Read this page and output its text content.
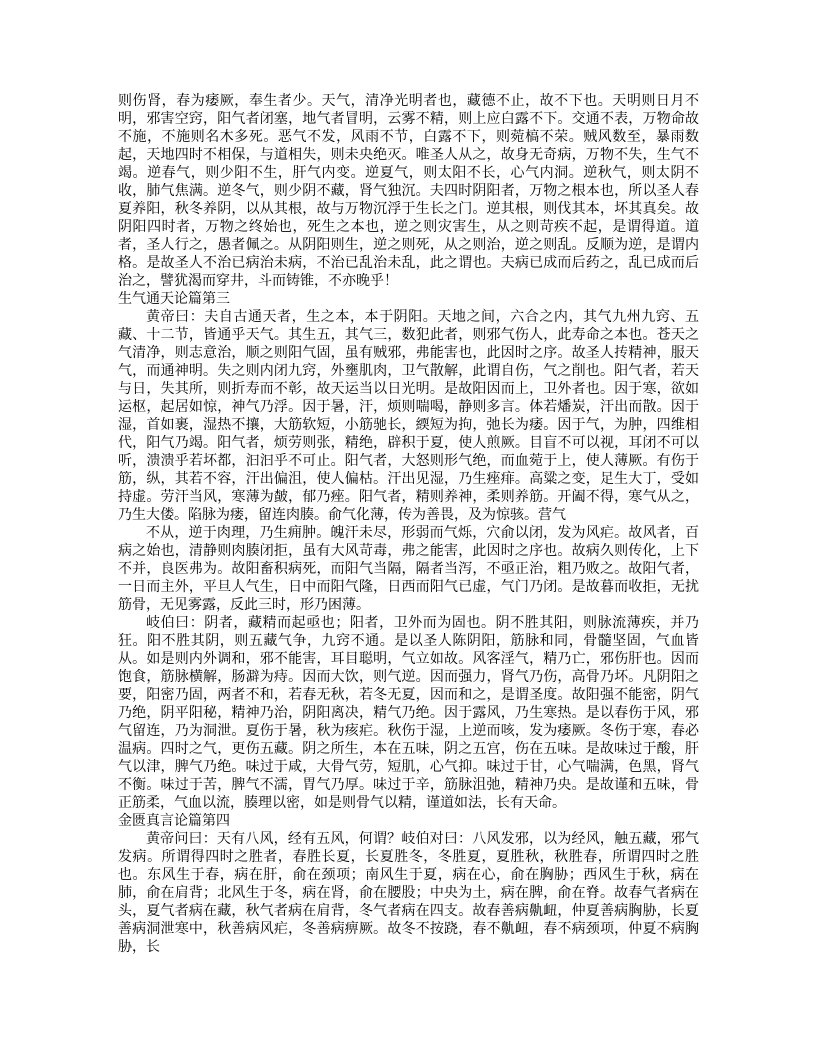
则伤肾，春为痿厥，奉生者少。天气，清净光明者也，藏德不止，故不下也。天明则日月不明，邪害空窍，阳气者闭塞，地气者冒明，云雾不精，则上应白露不下。交通不表，万物命故不施，不施则名木多死。恶气不发，风雨不节，白露不下，则菀槁不荣。贼风数至，暴雨数起，天地四时不相保，与道相失，则未央绝灭。唯圣人从之，故身无奇病，万物不失，生气不竭。逆春气，则少阳不生，肝气内变。逆夏气，则太阳不长，心气内洞。逆秋气，则太阴不收，肺气焦满。逆冬气，则少阴不藏，肾气独沉。夫四时阴阳者，万物之根本也，所以圣人春夏养阳，秋冬养阴，以从其根，故与万物沉浮于生长之门。逆其根，则伐其本，坏其真矣。故阴阳四时者，万物之终始也，死生之本也，逆之则灾害生，从之则苛疾不起，是谓得道。道者，圣人行之，愚者佩之。从阴阳则生，逆之则死，从之则治，逆之则乱。反顺为逆，是谓内格。是故圣人不治已病治未病，不治已乱治未乱，此之谓也。夫病已成而后药之，乱已成而后治之，譬犹渴而穿井，斗而铸锥，不亦晚乎！

生气通天论篇第三

黄帝曰：夫自古通天者，生之本，本于阴阳。天地之间，六合之内，其气九州九窍、五藏、十二节，皆通乎天气。其生五，其气三，数犯此者，则邪气伤人，此寿命之本也。苍天之气清净，则志意治，顺之则阳气固，虽有贼邪，弗能害也，此因时之序。故圣人抟精神，服天气，而通神明。失之则内闭九窍，外壅肌肉，卫气散解，此谓自伤，气之削也。阳气者，若天与日，失其所，则折寿而不彰，故天运当以日光明。是故阳因而上，卫外者也。因于寒，欲如运枢，起居如惊，神气乃浮。因于暑，汗，烦则喘喝，静则多言。体若燔炭，汗出而散。因于湿，首如裹，湿热不攘，大筋软短，小筋驰长，緛短为拘，弛长为痿。因于气，为肿，四维相代，阳气乃竭。阳气者，烦劳则张，精绝，辟积于夏，使人煎厥。目盲不可以视，耳闭不可以听，溃溃乎若坏都，汩汩乎不可止。阳气者，大怒则形气绝，而血菀于上，使人薄厥。有伤于筋，纵，其若不容，汗出偏沮，使人偏枯。汗出见湿，乃生痤痱。高粱之变，足生大丁，受如持虚。劳汗当风，寒薄为皶，郁乃痤。阳气者，精则养神，柔则养筋。开阖不得，寒气从之，乃生大偻。陷脉为瘘，留连肉腠。俞气化薄，传为善畏，及为惊骇。营气

不从，逆于肉理，乃生痈肿。魄汗未尽，形弱而气烁，穴俞以闭，发为风疟。故风者，百病之始也，清静则肉腠闭拒，虽有大风苛毒，弗之能害，此因时之序也。故病久则传化，上下不并，良医弗为。故阳畜积病死，而阳气当隔，隔者当泻，不亟正治，粗乃败之。故阳气者，一日而主外，平旦人气生，日中而阳气隆，日西而阳气已虚，气门乃闭。是故暮而收拒，无扰筋骨，无见雾露，反此三时，形乃困薄。

岐伯曰：阴者，藏精而起亟也；阳者，卫外而为固也。阴不胜其阳，则脉流薄疾，并乃狂。阳不胜其阴，则五藏气争，九窍不通。是以圣人陈阴阳，筋脉和同，骨髓坚固，气血皆从。如是则内外调和，邪不能害，耳目聪明，气立如故。风客淫气，精乃亡，邪伤肝也。因而饱食，筋脉横解，肠澼为痔。因而大饮，则气逆。因而强力，肾气乃伤，高骨乃坏。凡阴阳之要，阳密乃固，两者不和，若春无秋，若冬无夏，因而和之，是谓圣度。故阳强不能密，阴气乃绝，阴平阳秘，精神乃治，阴阳离决，精气乃绝。因于露风，乃生寒热。是以春伤于风，邪气留连，乃为洞泄。夏伤于暑，秋为痎疟。秋伤于湿，上逆而咳，发为痿厥。冬伤于寒，春必温病。四时之气，更伤五藏。阴之所生，本在五味，阴之五宫，伤在五味。是故味过于酸，肝气以津，脾气乃绝。味过于咸，大骨气劳，短肌，心气抑。味过于甘，心气喘满，色黑，肾气不衡。味过于苦，脾气不濡，胃气乃厚。味过于辛，筋脉沮弛，精神乃央。是故谨和五味，骨正筋柔，气血以流，腠理以密，如是则骨气以精，谨道如法，长有天命。

金匮真言论篇第四

黄帝问曰：天有八风，经有五风，何谓？岐伯对曰：八风发邪，以为经风，触五藏，邪气发病。所谓得四时之胜者，春胜长夏，长夏胜冬，冬胜夏，夏胜秋，秋胜春，所谓四时之胜也。东风生于春，病在肝，俞在颈项；南风生于夏，病在心，俞在胸胁；西风生于秋，病在肺，俞在肩背；北风生于冬，病在肾，俞在腰股；中央为土，病在脾，俞在脊。故春气者病在头，夏气者病在藏，秋气者病在肩背，冬气者病在四支。故春善病鼽衄，仲夏善病胸胁，长夏善病洞泄寒中，秋善病风疟，冬善病痹厥。故冬不按跷，春不鼽衄，春不病颈项，仲夏不病胸胁，长
